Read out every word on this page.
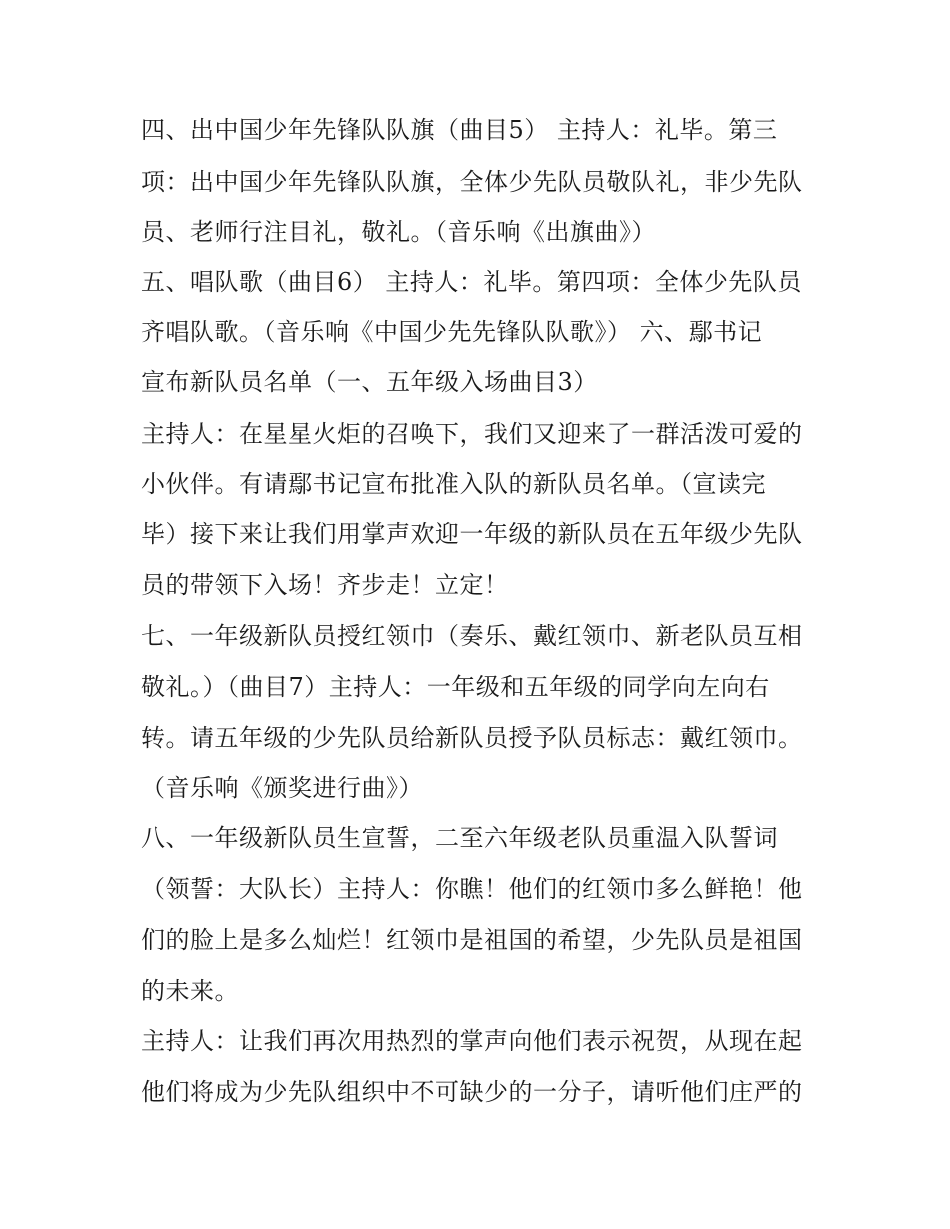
四、出中国少年先锋队队旗（曲目5） 主持人：礼毕。第三
项：出中国少年先锋队队旗，全体少先队员敬队礼，非少先队
员、老师行注目礼，敬礼。（音乐响《出旗曲》）
五、唱队歌（曲目6） 主持人：礼毕。第四项：全体少先队员
齐唱队歌。（音乐响《中国少先先锋队队歌》） 六、鄢书记
宣布新队员名单（一、五年级入场曲目3）
主持人：在星星火炬的召唤下，我们又迎来了一群活泼可爱的
小伙伴。有请鄢书记宣布批准入队的新队员名单。（宣读完
毕）接下来让我们用掌声欢迎一年级的新队员在五年级少先队
员的带领下入场！齐步走！立定！
七、一年级新队员授红领巾（奏乐、戴红领巾、新老队员互相
敬礼。）（曲目7）主持人：一年级和五年级的同学向左向右
转。请五年级的少先队员给新队员授予队员标志：戴红领巾。
（音乐响《颁奖进行曲》）
八、一年级新队员生宣誓，二至六年级老队员重温入队誓词
（领誓：大队长）主持人：你瞧！他们的红领巾多么鲜艳！他
们的脸上是多么灿烂！红领巾是祖国的希望，少先队员是祖国
的未来。
主持人：让我们再次用热烈的掌声向他们表示祝贺，从现在起
他们将成为少先队组织中不可缺少的一分子，请听他们庄严的
